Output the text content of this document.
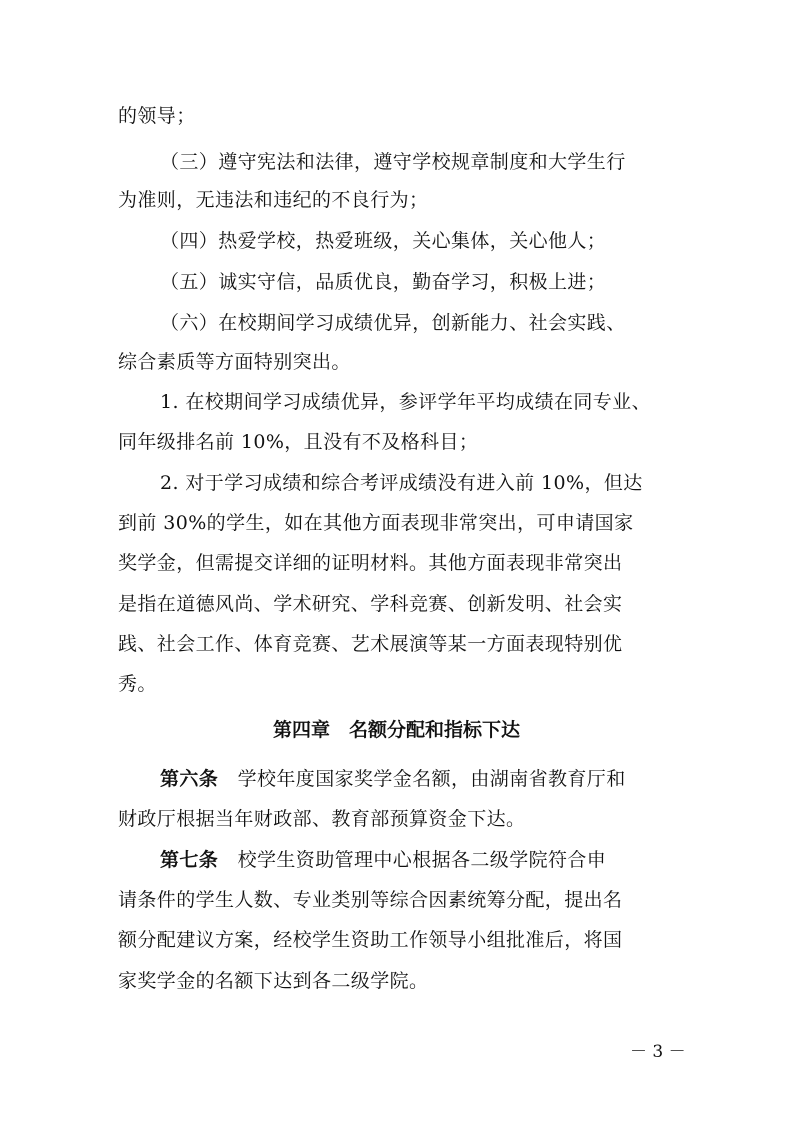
的领导；
（三）遵守宪法和法律，遵守学校规章制度和大学生行
为准则，无违法和违纪的不良行为；
（四）热爱学校，热爱班级，关心集体，关心他人；
（五）诚实守信，品质优良，勤奋学习，积极上进；
（六）在校期间学习成绩优异，创新能力、社会实践、
综合素质等方面特别突出。
1. 在校期间学习成绩优异，参评学年平均成绩在同专业、
同年级排名前 10%，且没有不及格科目；
2. 对于学习成绩和综合考评成绩没有进入前 10%，但达
到前 30%的学生，如在其他方面表现非常突出，可申请国家
奖学金，但需提交详细的证明材料。其他方面表现非常突出
是指在道德风尚、学术研究、学科竞赛、创新发明、社会实
践、社会工作、体育竞赛、艺术展演等某一方面表现特别优
秀。
第四章　名额分配和指标下达
第六条　学校年度国家奖学金名额，由湖南省教育厅和
财政厅根据当年财政部、教育部预算资金下达。
第七条　校学生资助管理中心根据各二级学院符合申
请条件的学生人数、专业类别等综合因素统筹分配，提出名
额分配建议方案，经校学生资助工作领导小组批准后，将国
家奖学金的名额下达到各二级学院。
－ 3 －
